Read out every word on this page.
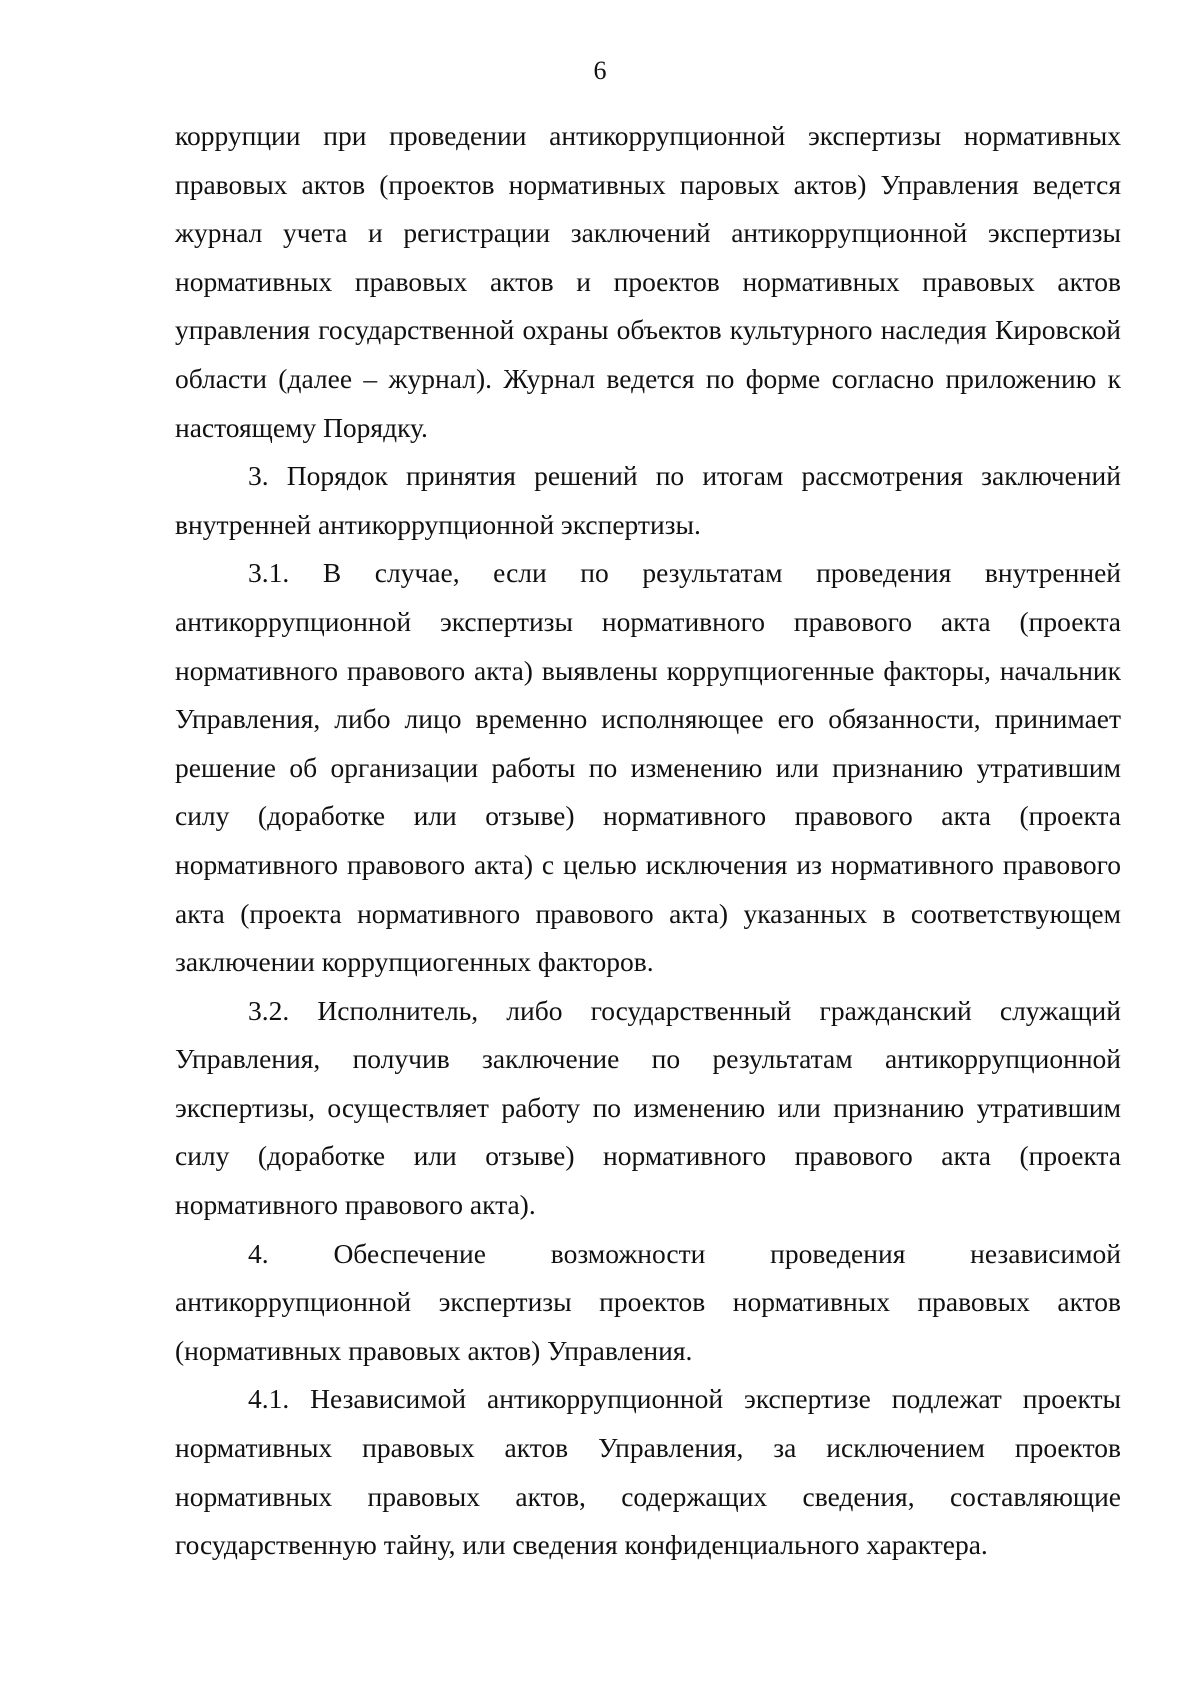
6

коррупции при проведении антикоррупционной экспертизы нормативных правовых актов (проектов нормативных паровых актов) Управления ведется журнал учета и регистрации заключений антикоррупционной экспертизы нормативных правовых актов и проектов нормативных правовых актов управления государственной охраны объектов культурного наследия Кировской области (далее – журнал). Журнал ведется по форме согласно приложению к настоящему Порядку.

3. Порядок принятия решений по итогам рассмотрения заключений внутренней антикоррупционной экспертизы.

3.1. В случае, если по результатам проведения внутренней антикоррупционной экспертизы нормативного правового акта (проекта нормативного правового акта) выявлены коррупциогенные факторы, начальник Управления, либо лицо временно исполняющее его обязанности, принимает решение об организации работы по изменению или признанию утратившим силу (доработке или отзыве) нормативного правового акта (проекта нормативного правового акта) с целью исключения из нормативного правового акта (проекта нормативного правового акта) указанных в соответствующем заключении коррупциогенных факторов.

3.2. Исполнитель, либо государственный гражданский служащий Управления, получив заключение по результатам антикоррупционной экспертизы, осуществляет работу по изменению или признанию утратившим силу (доработке или отзыве) нормативного правового акта (проекта нормативного правового акта).

4. Обеспечение возможности проведения независимой антикоррупционной экспертизы проектов нормативных правовых актов (нормативных правовых актов) Управления.

4.1. Независимой антикоррупционной экспертизе подлежат проекты нормативных правовых актов Управления, за исключением проектов нормативных правовых актов, содержащих сведения, составляющие государственную тайну, или сведения конфиденциального характера.
